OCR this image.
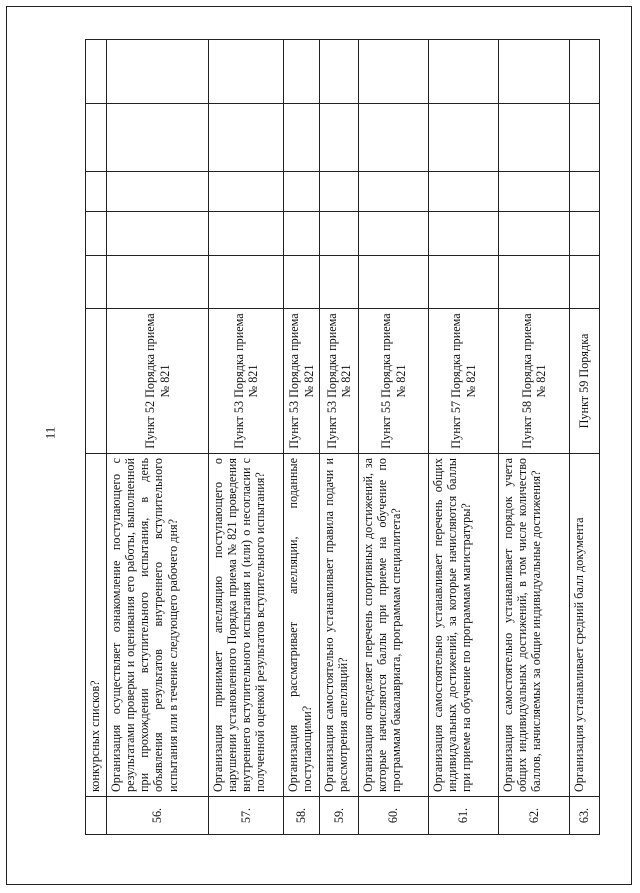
11
	конкурсных списков?						
56.	Организация осуществляет ознакомление поступающего с результатами проверки и оценивания его работы, выполненной при прохождении вступительного испытания, в день объявления результатов внутреннего вступительного испытания или в течение следующего рабочего дня?	Пункт 52 Порядка приема № 821					
57.	Организация принимает апелляцию поступающего о нарушении установленного Порядка приема № 821 проведения внутреннего вступительного испытания и (или) о несогласии с полученной оценкой результатов вступительного испытания?	Пункт 53 Порядка приема № 821					
58.	Организация рассматривает апелляции, поданные поступающими?	Пункт 53 Порядка приема № 821					
59.	Организация самостоятельно устанавливает правила подачи и рассмотрения апелляций?	Пункт 53 Порядка приема № 821					
60.	Организация определяет перечень спортивных достижений, за которые начисляются баллы при приеме на обучение по программам бакалавриата, программам специалитета?	Пункт 55 Порядка приема № 821					
61.	Организация самостоятельно устанавливает перечень общих индивидуальных достижений, за которые начисляются баллы при приеме на обучение по программам магистратуры?	Пункт 57 Порядка приема № 821					
62.	Организация самостоятельно устанавливает порядок учета общих индивидуальных достижений, в том числе количество баллов, начисляемых за общие индивидуальные достижения?	Пункт 58 Порядка приема № 821					
63.	Организация устанавливает средний балл документа	Пункт 59 Порядка					
